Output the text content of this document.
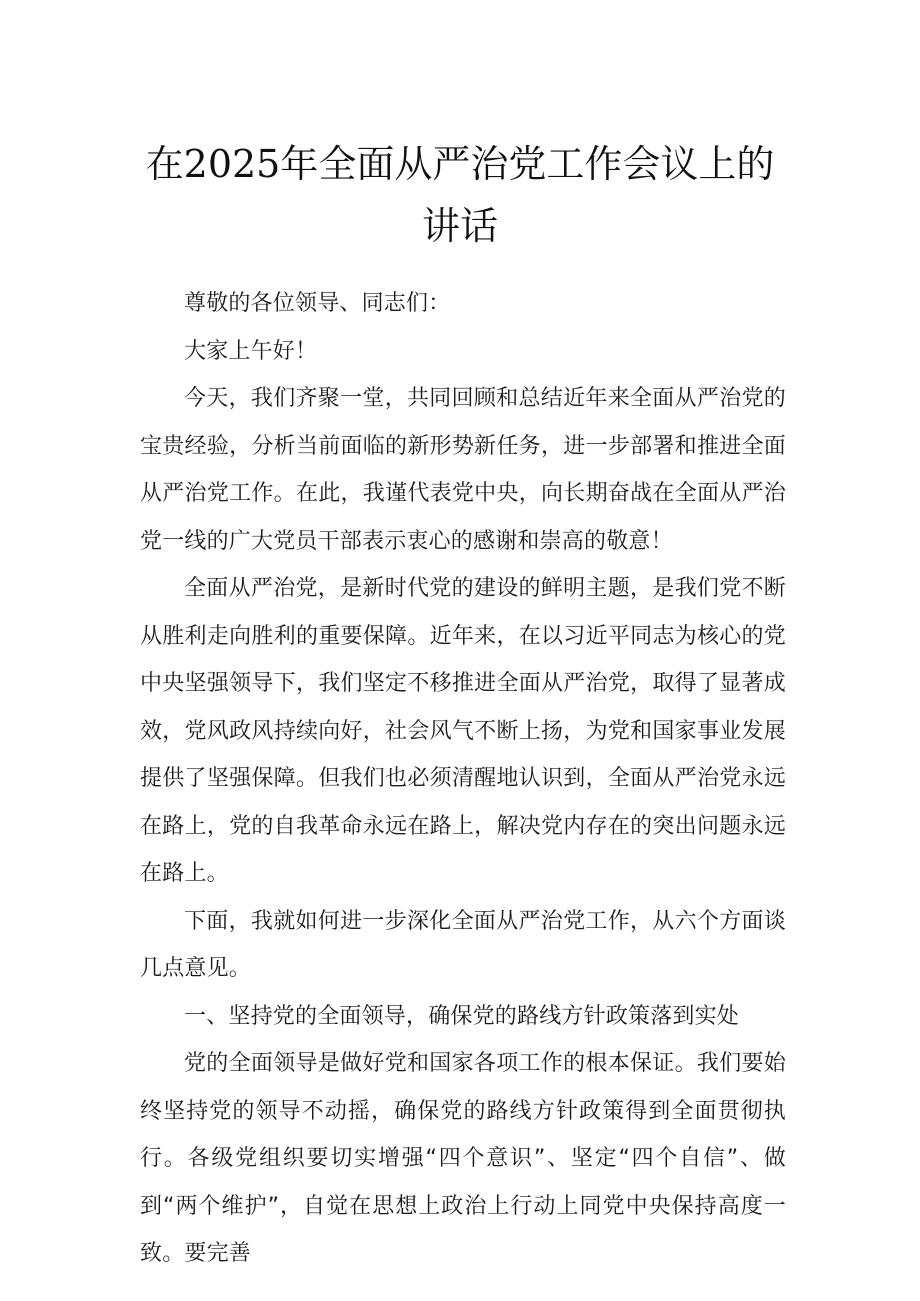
在2025年全面从严治党工作会议上的
讲话

尊敬的各位领导、同志们：

大家上午好！

今天，我们齐聚一堂，共同回顾和总结近年来全面从严治党的宝贵经验，分析当前面临的新形势新任务，进一步部署和推进全面从严治党工作。在此，我谨代表党中央，向长期奋战在全面从严治党一线的广大党员干部表示衷心的感谢和崇高的敬意！

全面从严治党，是新时代党的建设的鲜明主题，是我们党不断从胜利走向胜利的重要保障。近年来，在以习近平同志为核心的党中央坚强领导下，我们坚定不移推进全面从严治党，取得了显著成效，党风政风持续向好，社会风气不断上扬，为党和国家事业发展提供了坚强保障。但我们也必须清醒地认识到，全面从严治党永远在路上，党的自我革命永远在路上，解决党内存在的突出问题永远在路上。

下面，我就如何进一步深化全面从严治党工作，从六个方面谈几点意见。

一、坚持党的全面领导，确保党的路线方针政策落到实处

党的全面领导是做好党和国家各项工作的根本保证。我们要始终坚持党的领导不动摇，确保党的路线方针政策得到全面贯彻执行。各级党组织要切实增强“四个意识”、坚定“四个自信”、做到“两个维护”，自觉在思想上政治上行动上同党中央保持高度一致。要完善
